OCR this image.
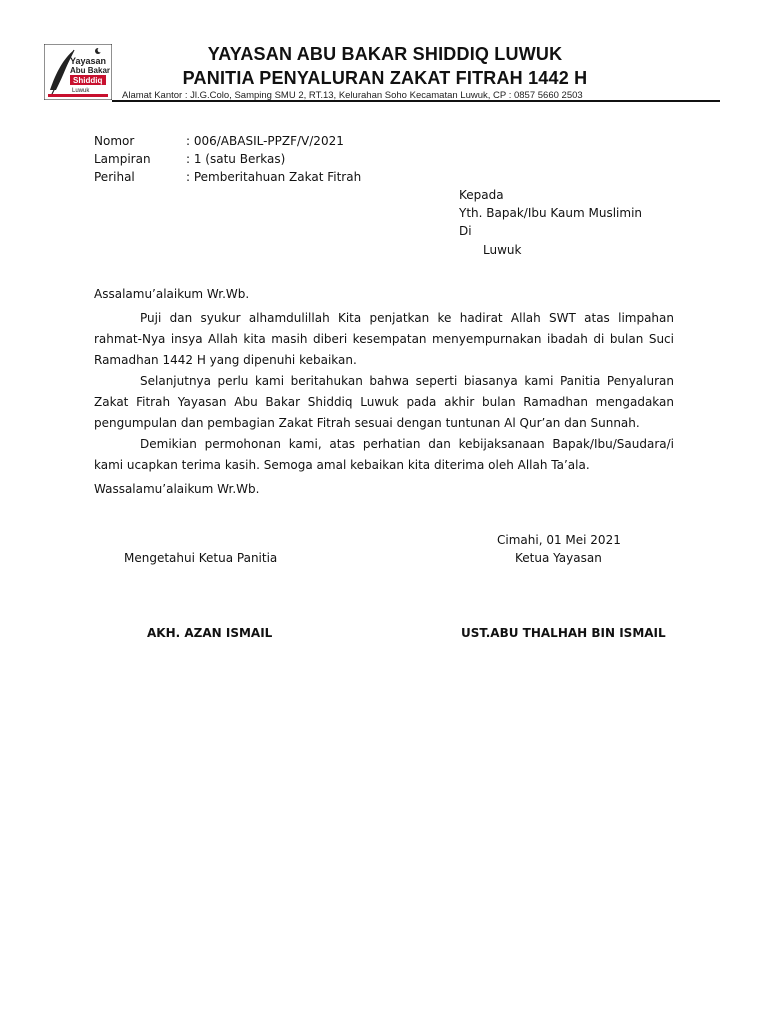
Yayasan
Abu Bakar
Shiddiq
Luwuk
YAYASAN ABU BAKAR SHIDDIQ LUWUK
PANITIA PENYALURAN ZAKAT FITRAH 1442 H
Alamat Kantor : Jl.G.Colo, Samping SMU 2, RT.13, Kelurahan Soho Kecamatan Luwuk, CP : 0857 5660 2503
Nomor	: 006/ABASIL-PPZF/V/2021
Lampiran	: 1 (satu Berkas)
Perihal	: Pemberitahuan Zakat Fitrah
Kepada
Yth. Bapak/Ibu Kaum Muslimin
Di
Luwuk
Assalamu’alaikum Wr.Wb.
Puji dan syukur alhamdulillah Kita penjatkan ke hadirat Allah SWT atas limpahan rahmat-Nya insya Allah kita masih diberi kesempatan menyempurnakan ibadah di bulan Suci Ramadhan 1442 H yang dipenuhi kebaikan.
Selanjutnya perlu kami beritahukan bahwa seperti biasanya kami Panitia Penyaluran Zakat Fitrah Yayasan Abu Bakar Shiddiq Luwuk pada akhir bulan Ramadhan mengadakan pengumpulan dan pembagian Zakat Fitrah sesuai dengan tuntunan Al Qur’an dan Sunnah.
Demikian permohonan kami, atas perhatian dan kebijaksanaan Bapak/Ibu/Saudara/i kami ucapkan terima kasih. Semoga amal kebaikan kita diterima oleh Allah Ta’ala.
Wassalamu’alaikum Wr.Wb.
Cimahi, 01 Mei 2021
Mengetahui Ketua Panitia	Ketua Yayasan
AKH. AZAN ISMAIL	UST.ABU THALHAH BIN ISMAIL
